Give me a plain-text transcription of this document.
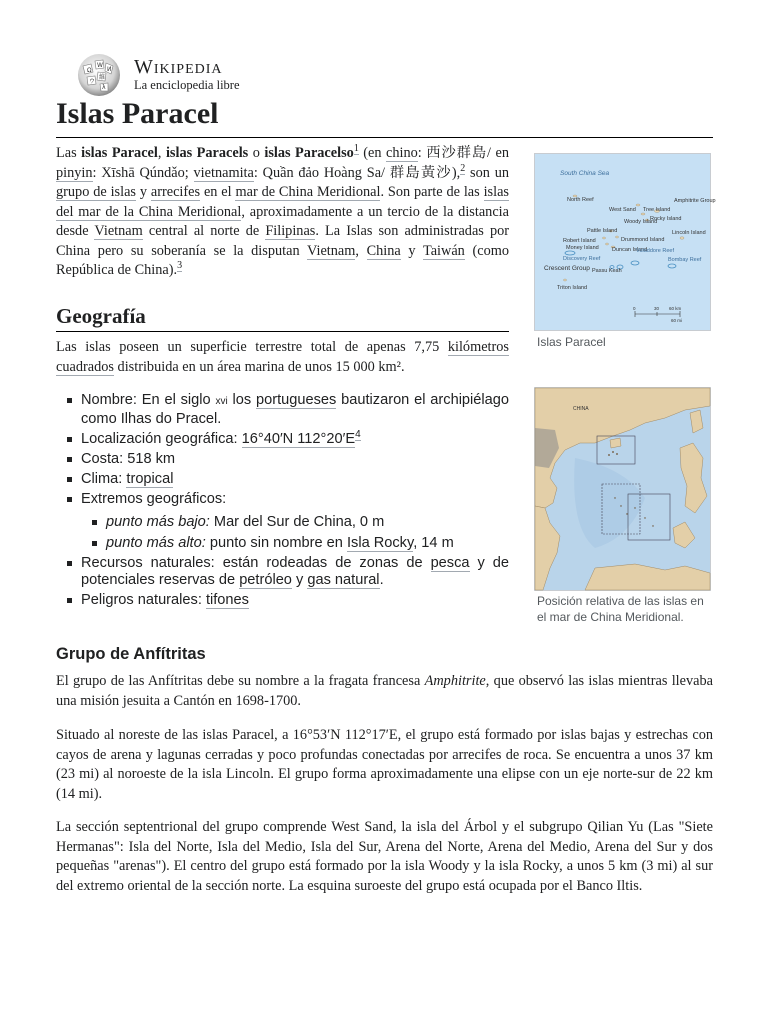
Ω
W
И
ウ
維
λ
Wikipedia
La enciclopedia libre
Islas Paracel
Las islas Paracel, islas Paracels o islas Paracelso$^1$ (en chino: 西沙群島/ en pinyin: Xīshā Qúndǎo; vietnamita: Quần đảo Hoàng Sa/ 群島黃沙),$^2$ son un grupo de islas y arrecifes en el mar de China Meridional. Son parte de las islas del mar de la China Meridional, aproximadamente a un tercio de la distancia desde Vietnam central al norte de Filipinas. La Islas son administradas por China pero su soberanía se la disputan Vietnam, China y Taiwán (como República de China).$^3$
South China Sea
North Reef
West Sand Tree Island
Amphitrite Group
Woody Island
Rocky Island
Pattle Island
Robert Island	Drummond Island
Lincoln Island
Money Island Duncan Island
Vuladdore Reef
Discovery Reef
Crescent Group Passu Keah
Bombay Reef
Triton Island
0	30 60 km
60 mi
Islas Paracel
Geografía
Las islas poseen un superficie terrestre total de apenas 7,75 kilómetros cuadrados distribuida en un área marina de unos 15 000 km².
Nombre: En el siglo xvi los portugueses bautizaron el archipiélago como Ilhas do Pracel.
Localización geográfica: 16°40′N $112^\circ 20'E^4$
Costa: 518 km
Clima: tropical
Extremos geográficos:
punto más bajo: Mar del Sur de China, 0 m
punto más alto: punto sin nombre en Isla Rocky, 14 m
Recursos naturales: están rodeadas de zonas de pesca y de potenciales reservas de petróleo y gas natural.
Peligros naturales: tifones
CHINA
Posición relativa de las islas en el mar de China Meridional.
Grupo de Anfítritas
El grupo de las Anfítritas debe su nombre a la fragata francesa Amphitrite, que observó las islas mientras llevaba una misión jesuita a Cantón en 1698-1700.
Situado al noreste de las islas Paracel, a 16°53′N 112°17′E, el grupo está formado por islas bajas y estrechas con cayos de arena y lagunas cerradas y poco profundas conectadas por arrecifes de roca. Se encuentra a unos 37 km (23 mi) al noroeste de la isla Lincoln. El grupo forma aproximadamente una elipse con un eje norte-sur de 22 km (14 mi).
La sección septentrional del grupo comprende West Sand, la isla del Árbol y el subgrupo Qilian Yu (Las "Siete Hermanas": Isla del Norte, Isla del Medio, Isla del Sur, Arena del Norte, Arena del Medio, Arena del Sur y dos pequeñas "arenas"). El centro del grupo está formado por la isla Woody y la isla Rocky, a unos 5 km (3 mi) al sur del extremo oriental de la sección norte. La esquina suroeste del grupo está ocupada por el Banco Iltis.
